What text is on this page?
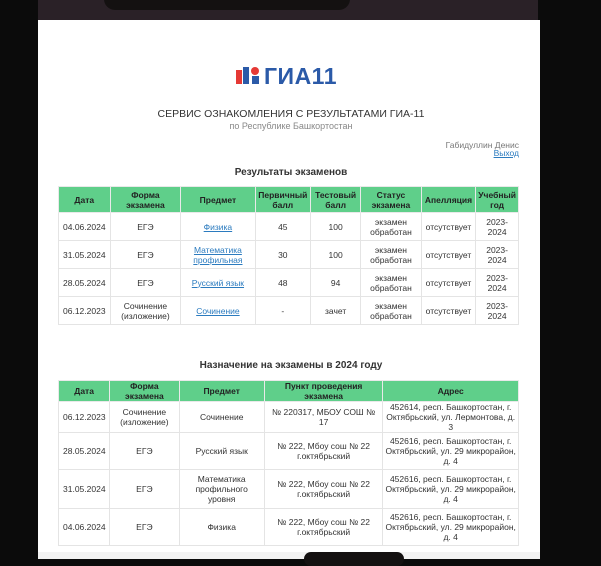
ГИА11
СЕРВИС ОЗНАКОМЛЕНИЯ С РЕЗУЛЬТАТАМИ ГИА-11
по Республике Башкортостан
Габидуллин Денис
Выход
Результаты экзаменов
Дата	Форма экзамена	Предмет	Первичный балл	Тестовый балл	Статус экзамена	Апелляция	Учебный год
04.06.2024	ЕГЭ	Физика	45	100	экзамен обработан	отсутствует	2023-2024
31.05.2024	ЕГЭ	Математика профильная	30	100	экзамен обработан	отсутствует	2023-2024
28.05.2024	ЕГЭ	Русский язык	48	94	экзамен обработан	отсутствует	2023-2024
06.12.2023	Сочинение (изложение)	Сочинение	-	зачет	экзамен обработан	отсутствует	2023-2024
Назначение на экзамены в 2024 году
Дата	Форма экзамена	Предмет	Пункт проведения экзамена	Адрес
06.12.2023	Сочинение (изложение)	Сочинение	№ 220317, МБОУ СОШ № 17	452614, респ. Башкортостан, г. Октябрьский, ул. Лермонтова, д. 3
28.05.2024	ЕГЭ	Русский язык	№ 222, Мбоу сош № 22 г.октябрьский	452616, респ. Башкортостан, г. Октябрьский, ул. 29 микрорайон, д. 4
31.05.2024	ЕГЭ	Математика профильного уровня	№ 222, Мбоу сош № 22 г.октябрьский	452616, респ. Башкортостан, г. Октябрьский, ул. 29 микрорайон, д. 4
04.06.2024	ЕГЭ	Физика	№ 222, Мбоу сош № 22 г.октябрьский	452616, респ. Башкортостан, г. Октябрьский, ул. 29 микрорайон, д. 4
